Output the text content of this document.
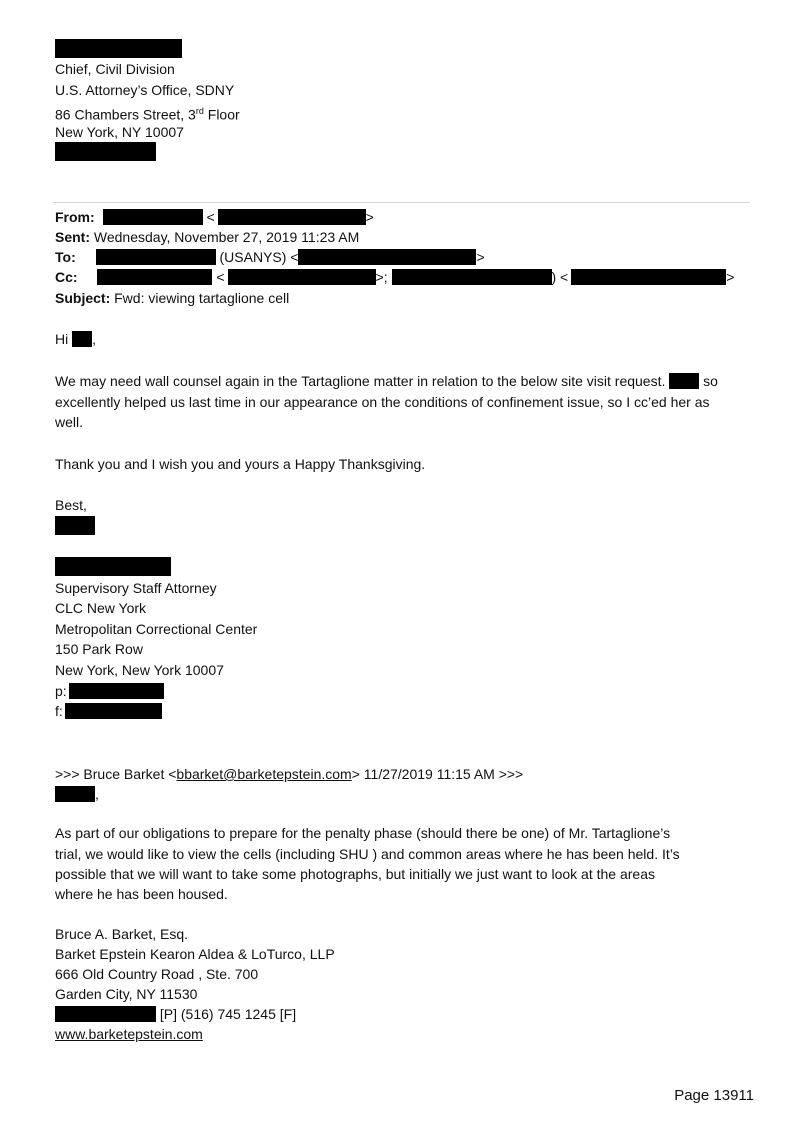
Chief, Civil Division
U.S. Attorney’s Office, SDNY
86 Chambers Street, 3rd Floor
New York, NY 10007
From:	<	>
Sent: Wednesday, November 27, 2019 11:23 AM
To:	(USANYS) <	>
Cc:	<	>;	) <	>
Subject: Fwd: viewing tartaglione cell
Hi ,
We may need wall counsel again in the Tartaglione matter in relation to the below site visit request.	so
excellently helped us last time in our appearance on the conditions of confinement issue, so I cc’ed her as
well.
Thank you and I wish you and yours a Happy Thanksgiving.
Best,
Supervisory Staff Attorney
CLC New York
Metropolitan Correctional Center
150 Park Row
New York, New York 10007
p:
f:
>>> Bruce Barket <bbarket@barketepstein.com> 11/27/2019 11:15 AM >>>
,
As part of our obligations to prepare for the penalty phase (should there be one) of Mr. Tartaglione’s
trial, we would like to view the cells (including SHU ) and common areas where he has been held. It’s
possible that we will want to take some photographs, but initially we just want to look at the areas
where he has been housed.
Bruce A. Barket, Esq.
Barket Epstein Kearon Aldea & LoTurco, LLP
666 Old Country Road , Ste. 700
Garden City, NY 11530
[P] (516) 745 1245 [F]
www.barketepstein.com
Page 13911
